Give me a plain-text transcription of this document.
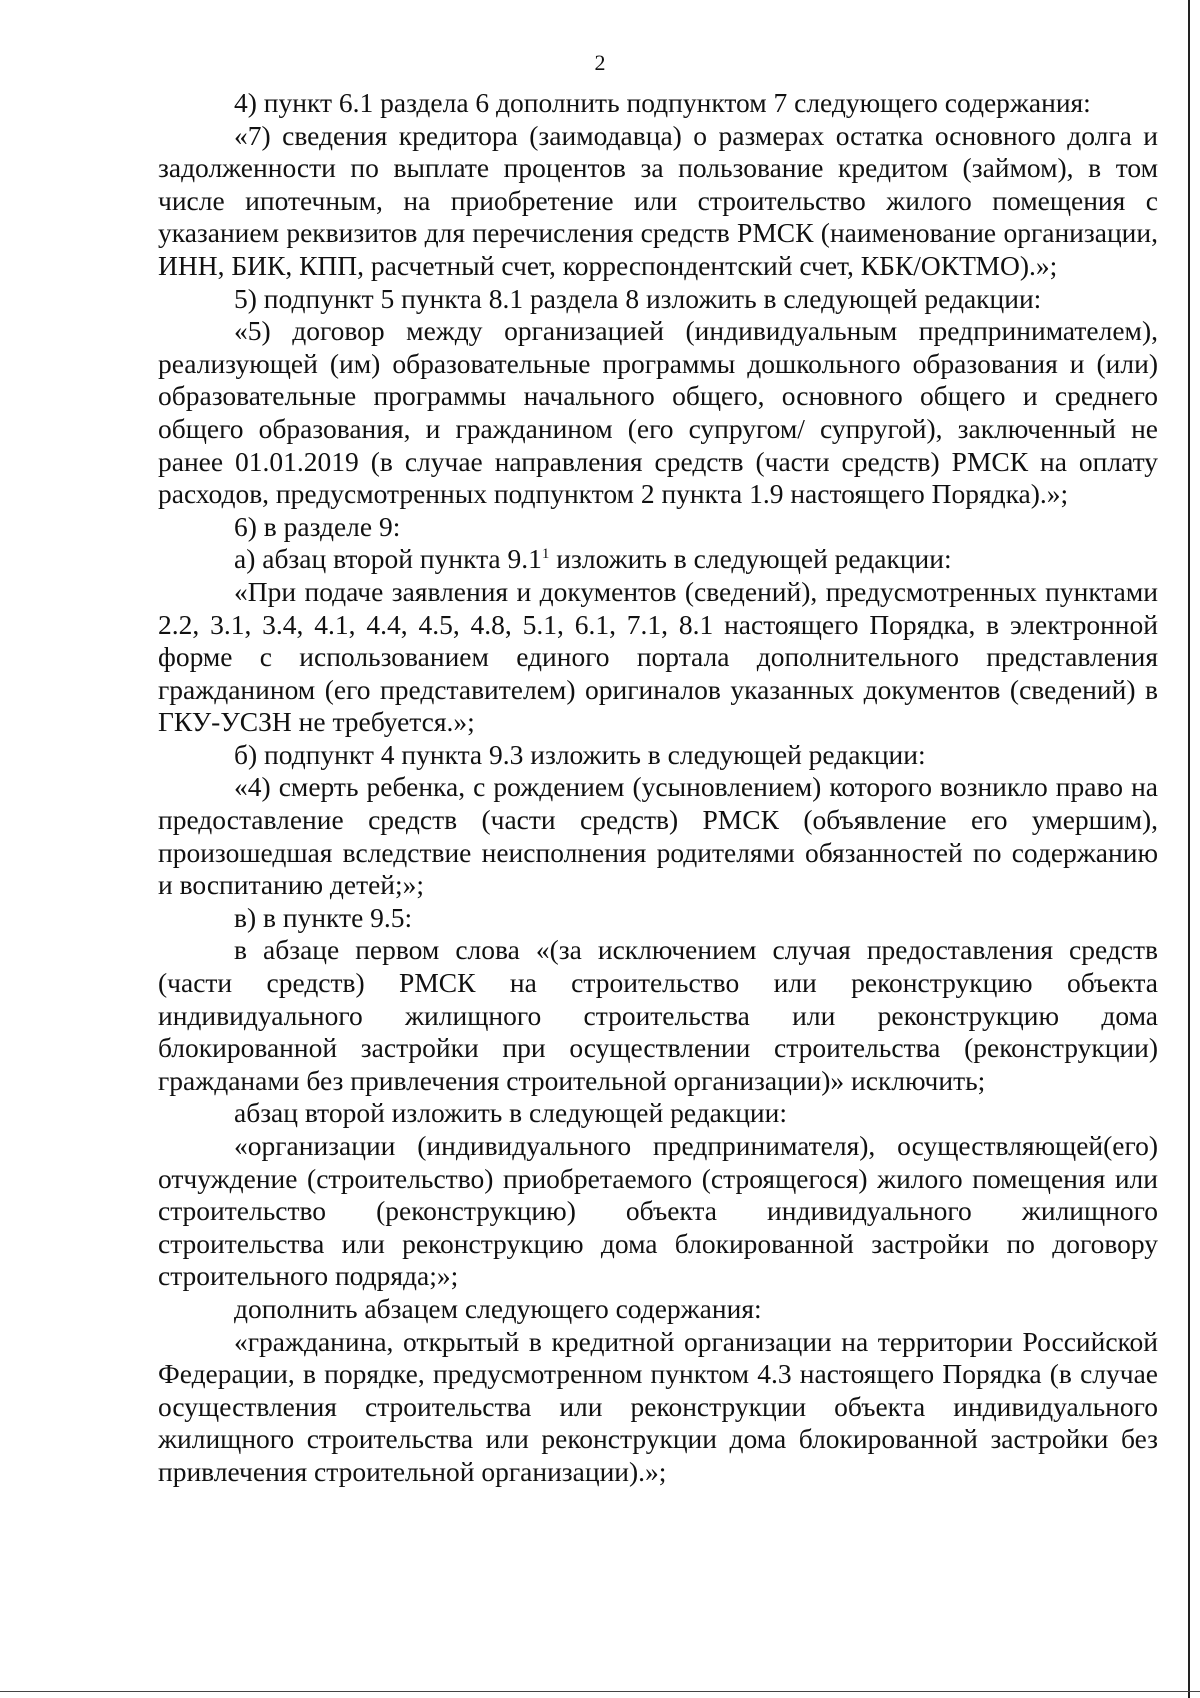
2

4) пункт 6.1 раздела 6 дополнить подпунктом 7 следующего содержания:

«7) сведения кредитора (заимодавца) о размерах остатка основного долга и задолженности по выплате процентов за пользование кредитом (займом), в том числе ипотечным, на приобретение или строительство жилого помещения с указанием реквизитов для перечисления средств РМСК (наименование организации, ИНН, БИК, КПП, расчетный счет, корреспондентский счет, КБК/ОКТМО).»;

5) подпункт 5 пункта 8.1 раздела 8 изложить в следующей редакции:

«5) договор между организацией (индивидуальным предпринимателем), реализующей (им) образовательные программы дошкольного образования и (или) образовательные программы начального общего, основного общего и среднего общего образования, и гражданином (его супругом/ супругой), заключенный не ранее 01.01.2019 (в случае направления средств (части средств) РМСК на оплату расходов, предусмотренных подпунктом 2 пункта 1.9 настоящего Порядка).»;

6) в разделе 9:

а) абзац второй пункта $9.1^1$ изложить в следующей редакции:

«При подаче заявления и документов (сведений), предусмотренных пунктами 2.2, 3.1, 3.4, 4.1, 4.4, 4.5, 4.8, 5.1, 6.1, 7.1, 8.1 настоящего Порядка, в электронной форме с использованием единого портала дополнительного представления гражданином (его представителем) оригиналов указанных документов (сведений) в ГКУ-УСЗН не требуется.»;

б) подпункт 4 пункта 9.3 изложить в следующей редакции:

«4) смерть ребенка, с рождением (усыновлением) которого возникло право на предоставление средств (части средств) РМСК (объявление его умершим), произошедшая вследствие неисполнения родителями обязанностей по содержанию и воспитанию детей;»;

в) в пункте 9.5:

в абзаце первом слова «(за исключением случая предоставления средств (части средств) РМСК на строительство или реконструкцию объекта индивидуального жилищного строительства или реконструкцию дома блокированной застройки при осуществлении строительства (реконструкции) гражданами без привлечения строительной организации)» исключить;

абзац второй изложить в следующей редакции:

«организации (индивидуального предпринимателя), осуществляющей(его) отчуждение (строительство) приобретаемого (строящегося) жилого помещения или строительство (реконструкцию) объекта индивидуального жилищного строительства или реконструкцию дома блокированной застройки по договору строительного подряда;»;

дополнить абзацем следующего содержания:

«гражданина, открытый в кредитной организации на территории Российской Федерации, в порядке, предусмотренном пунктом 4.3 настоящего Порядка (в случае осуществления строительства или реконструкции объекта индивидуального жилищного строительства или реконструкции дома блокированной застройки без привлечения строительной организации).»;
